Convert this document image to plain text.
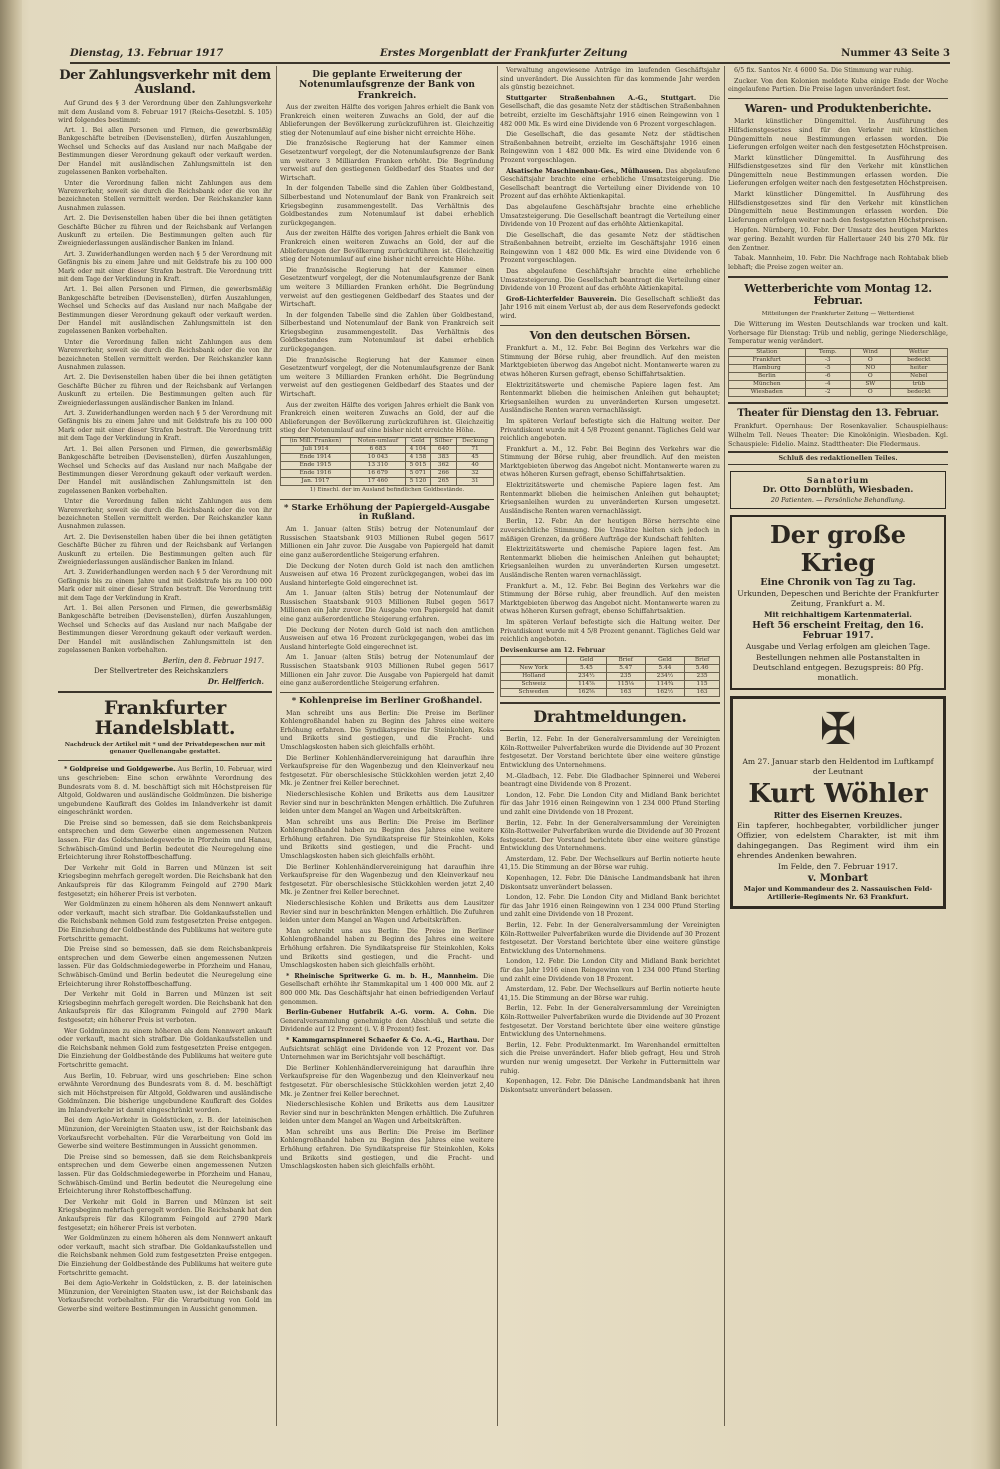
Dienstag, 13. Februar 1917	Erstes Morgenblatt der Frankfurter Zeitung	Nummer 43 Seite 3
Der Zahlungsverkehr mit dem Ausland.

Auf Grund des § 3 der Verordnung über den Zahlungsverkehr mit dem Ausland vom 8. Februar 1917 (Reichs-Gesetzbl. S. 105) wird folgendes bestimmt:

Art. 1. Bei allen Personen und Firmen, die gewerbsmäßig Bankgeschäfte betreiben (Devisenstellen), dürfen Auszahlungen, Wechsel und Schecks auf das Ausland nur nach Maßgabe der Bestimmungen dieser Verordnung gekauft oder verkauft werden. Der Handel mit ausländischen Zahlungsmitteln ist den zugelassenen Banken vorbehalten.

Unter die Verordnung fallen nicht Zahlungen aus dem Warenverkehr, soweit sie durch die Reichsbank oder die von ihr bezeichneten Stellen vermittelt werden. Der Reichskanzler kann Ausnahmen zulassen.

Art. 2. Die Devisenstellen haben über die bei ihnen getätigten Geschäfte Bücher zu führen und der Reichsbank auf Verlangen Auskunft zu erteilen. Die Bestimmungen gelten auch für Zweigniederlassungen ausländischer Banken im Inland.

Art. 3. Zuwiderhandlungen werden nach § 5 der Verordnung mit Gefängnis bis zu einem Jahre und mit Geldstrafe bis zu 100 000 Mark oder mit einer dieser Strafen bestraft. Die Verordnung tritt mit dem Tage der Verkündung in Kraft.

Art. 1. Bei allen Personen und Firmen, die gewerbsmäßig Bankgeschäfte betreiben (Devisenstellen), dürfen Auszahlungen, Wechsel und Schecks auf das Ausland nur nach Maßgabe der Bestimmungen dieser Verordnung gekauft oder verkauft werden. Der Handel mit ausländischen Zahlungsmitteln ist den zugelassenen Banken vorbehalten.

Unter die Verordnung fallen nicht Zahlungen aus dem Warenverkehr, soweit sie durch die Reichsbank oder die von ihr bezeichneten Stellen vermittelt werden. Der Reichskanzler kann Ausnahmen zulassen.

Art. 2. Die Devisenstellen haben über die bei ihnen getätigten Geschäfte Bücher zu führen und der Reichsbank auf Verlangen Auskunft zu erteilen. Die Bestimmungen gelten auch für Zweigniederlassungen ausländischer Banken im Inland.

Art. 3. Zuwiderhandlungen werden nach § 5 der Verordnung mit Gefängnis bis zu einem Jahre und mit Geldstrafe bis zu 100 000 Mark oder mit einer dieser Strafen bestraft. Die Verordnung tritt mit dem Tage der Verkündung in Kraft.

Art. 1. Bei allen Personen und Firmen, die gewerbsmäßig Bankgeschäfte betreiben (Devisenstellen), dürfen Auszahlungen, Wechsel und Schecks auf das Ausland nur nach Maßgabe der Bestimmungen dieser Verordnung gekauft oder verkauft werden. Der Handel mit ausländischen Zahlungsmitteln ist den zugelassenen Banken vorbehalten.

Unter die Verordnung fallen nicht Zahlungen aus dem Warenverkehr, soweit sie durch die Reichsbank oder die von ihr bezeichneten Stellen vermittelt werden. Der Reichskanzler kann Ausnahmen zulassen.

Art. 2. Die Devisenstellen haben über die bei ihnen getätigten Geschäfte Bücher zu führen und der Reichsbank auf Verlangen Auskunft zu erteilen. Die Bestimmungen gelten auch für Zweigniederlassungen ausländischer Banken im Inland.

Art. 3. Zuwiderhandlungen werden nach § 5 der Verordnung mit Gefängnis bis zu einem Jahre und mit Geldstrafe bis zu 100 000 Mark oder mit einer dieser Strafen bestraft. Die Verordnung tritt mit dem Tage der Verkündung in Kraft.

Art. 1. Bei allen Personen und Firmen, die gewerbsmäßig Bankgeschäfte betreiben (Devisenstellen), dürfen Auszahlungen, Wechsel und Schecks auf das Ausland nur nach Maßgabe der Bestimmungen dieser Verordnung gekauft oder verkauft werden. Der Handel mit ausländischen Zahlungsmitteln ist den zugelassenen Banken vorbehalten.

Berlin, den 8. Februar 1917.
Der Stellvertreter des Reichskanzlers
Dr. Helfferich.
Frankfurter Handelsblatt.
Nachdruck der Artikel mit * und der Privatdepeschen nur mit genauer Quellenangabe gestattet.

* Goldpreise und Goldgewerbe. Aus Berlin, 10. Februar, wird uns geschrieben: Eine schon erwähnte Verordnung des Bundesrats vom 8. d. M. beschäftigt sich mit Höchstpreisen für Altgold, Goldwaren und ausländische Goldmünzen. Die bisherige ungebundene Kaufkraft des Goldes im Inlandverkehr ist damit eingeschränkt worden.

Die Preise sind so bemessen, daß sie dem Reichsbankpreis entsprechen und dem Gewerbe einen angemessenen Nutzen lassen. Für das Goldschmiedegewerbe in Pforzheim und Hanau, Schwäbisch-Gmünd und Berlin bedeutet die Neuregelung eine Erleichterung ihrer Rohstoffbeschaffung.

Der Verkehr mit Gold in Barren und Münzen ist seit Kriegsbeginn mehrfach geregelt worden. Die Reichsbank hat den Ankaufspreis für das Kilogramm Feingold auf 2790 Mark festgesetzt; ein höherer Preis ist verboten.

Wer Goldmünzen zu einem höheren als dem Nennwert ankauft oder verkauft, macht sich strafbar. Die Goldankaufsstellen und die Reichsbank nehmen Gold zum festgesetzten Preise entgegen. Die Einziehung der Goldbestände des Publikums hat weitere gute Fortschritte gemacht.

Die Preise sind so bemessen, daß sie dem Reichsbankpreis entsprechen und dem Gewerbe einen angemessenen Nutzen lassen. Für das Goldschmiedegewerbe in Pforzheim und Hanau, Schwäbisch-Gmünd und Berlin bedeutet die Neuregelung eine Erleichterung ihrer Rohstoffbeschaffung.

Der Verkehr mit Gold in Barren und Münzen ist seit Kriegsbeginn mehrfach geregelt worden. Die Reichsbank hat den Ankaufspreis für das Kilogramm Feingold auf 2790 Mark festgesetzt; ein höherer Preis ist verboten.

Wer Goldmünzen zu einem höheren als dem Nennwert ankauft oder verkauft, macht sich strafbar. Die Goldankaufsstellen und die Reichsbank nehmen Gold zum festgesetzten Preise entgegen. Die Einziehung der Goldbestände des Publikums hat weitere gute Fortschritte gemacht.

Aus Berlin, 10. Februar, wird uns geschrieben: Eine schon erwähnte Verordnung des Bundesrats vom 8. d. M. beschäftigt sich mit Höchstpreisen für Altgold, Goldwaren und ausländische Goldmünzen. Die bisherige ungebundene Kaufkraft des Goldes im Inlandverkehr ist damit eingeschränkt worden.

Bei dem Agio-Verkehr in Goldstücken, z. B. der lateinischen Münzunion, der Vereinigten Staaten usw., ist der Reichsbank das Vorkaufsrecht vorbehalten. Für die Verarbeitung von Gold im Gewerbe sind weitere Bestimmungen in Aussicht genommen.

Die Preise sind so bemessen, daß sie dem Reichsbankpreis entsprechen und dem Gewerbe einen angemessenen Nutzen lassen. Für das Goldschmiedegewerbe in Pforzheim und Hanau, Schwäbisch-Gmünd und Berlin bedeutet die Neuregelung eine Erleichterung ihrer Rohstoffbeschaffung.

Der Verkehr mit Gold in Barren und Münzen ist seit Kriegsbeginn mehrfach geregelt worden. Die Reichsbank hat den Ankaufspreis für das Kilogramm Feingold auf 2790 Mark festgesetzt; ein höherer Preis ist verboten.

Wer Goldmünzen zu einem höheren als dem Nennwert ankauft oder verkauft, macht sich strafbar. Die Goldankaufsstellen und die Reichsbank nehmen Gold zum festgesetzten Preise entgegen. Die Einziehung der Goldbestände des Publikums hat weitere gute Fortschritte gemacht.

Bei dem Agio-Verkehr in Goldstücken, z. B. der lateinischen Münzunion, der Vereinigten Staaten usw., ist der Reichsbank das Vorkaufsrecht vorbehalten. Für die Verarbeitung von Gold im Gewerbe sind weitere Bestimmungen in Aussicht genommen.

Die geplante Erweiterung der Notenumlaufsgrenze der Bank von Frankreich.

Aus der zweiten Hälfte des vorigen Jahres erhielt die Bank von Frankreich einen weiteren Zuwachs an Gold, der auf die Ablieferungen der Bevölkerung zurückzuführen ist. Gleichzeitig stieg der Notenumlauf auf eine bisher nicht erreichte Höhe.

Die französische Regierung hat der Kammer einen Gesetzentwurf vorgelegt, der die Notenumlaufsgrenze der Bank um weitere 3 Milliarden Franken erhöht. Die Begründung verweist auf den gestiegenen Geldbedarf des Staates und der Wirtschaft.

In der folgenden Tabelle sind die Zahlen über Goldbestand, Silberbestand und Notenumlauf der Bank von Frankreich seit Kriegsbeginn zusammengestellt. Das Verhältnis des Goldbestandes zum Notenumlauf ist dabei erheblich zurückgegangen.

Aus der zweiten Hälfte des vorigen Jahres erhielt die Bank von Frankreich einen weiteren Zuwachs an Gold, der auf die Ablieferungen der Bevölkerung zurückzuführen ist. Gleichzeitig stieg der Notenumlauf auf eine bisher nicht erreichte Höhe.

Die französische Regierung hat der Kammer einen Gesetzentwurf vorgelegt, der die Notenumlaufsgrenze der Bank um weitere 3 Milliarden Franken erhöht. Die Begründung verweist auf den gestiegenen Geldbedarf des Staates und der Wirtschaft.

In der folgenden Tabelle sind die Zahlen über Goldbestand, Silberbestand und Notenumlauf der Bank von Frankreich seit Kriegsbeginn zusammengestellt. Das Verhältnis des Goldbestandes zum Notenumlauf ist dabei erheblich zurückgegangen.

Die französische Regierung hat der Kammer einen Gesetzentwurf vorgelegt, der die Notenumlaufsgrenze der Bank um weitere 3 Milliarden Franken erhöht. Die Begründung verweist auf den gestiegenen Geldbedarf des Staates und der Wirtschaft.

Aus der zweiten Hälfte des vorigen Jahres erhielt die Bank von Frankreich einen weiteren Zuwachs an Gold, der auf die Ablieferungen der Bevölkerung zurückzuführen ist. Gleichzeitig stieg der Notenumlauf auf eine bisher nicht erreichte Höhe.

(in Mill. Franken)	Noten-umlauf	Gold	Silber	Deckung
Juli 1914	6 683	4 104	640	71
Ende 1914	10 043	4 158	383	45
Ende 1915	13 310	5 015	362	40
Ende 1916	16 679	5 071	266	32
Jan. 1917	17 460	5 120	265	31
1) Einschl. der im Ausland befindlichen Goldbestände.
* Starke Erhöhung der Papiergeld-Ausgabe in Rußland.

Am 1. Januar (alten Stils) betrug der Notenumlauf der Russischen Staatsbank 9103 Millionen Rubel gegen 5617 Millionen ein Jahr zuvor. Die Ausgabe von Papiergeld hat damit eine ganz außerordentliche Steigerung erfahren.

Die Deckung der Noten durch Gold ist nach den amtlichen Ausweisen auf etwa 16 Prozent zurückgegangen, wobei das im Ausland hinterlegte Gold eingerechnet ist.

Am 1. Januar (alten Stils) betrug der Notenumlauf der Russischen Staatsbank 9103 Millionen Rubel gegen 5617 Millionen ein Jahr zuvor. Die Ausgabe von Papiergeld hat damit eine ganz außerordentliche Steigerung erfahren.

Die Deckung der Noten durch Gold ist nach den amtlichen Ausweisen auf etwa 16 Prozent zurückgegangen, wobei das im Ausland hinterlegte Gold eingerechnet ist.

Am 1. Januar (alten Stils) betrug der Notenumlauf der Russischen Staatsbank 9103 Millionen Rubel gegen 5617 Millionen ein Jahr zuvor. Die Ausgabe von Papiergeld hat damit eine ganz außerordentliche Steigerung erfahren.

* Kohlenpreise im Berliner Großhandel.

Man schreibt uns aus Berlin: Die Preise im Berliner Kohlengroßhandel haben zu Beginn des Jahres eine weitere Erhöhung erfahren. Die Syndikatspreise für Steinkohlen, Koks und Briketts sind gestiegen, und die Fracht- und Umschlagskosten haben sich gleichfalls erhöht.

Die Berliner Kohlenhändlervereinigung hat daraufhin ihre Verkaufspreise für den Wagenbezug und den Kleinverkauf neu festgesetzt. Für oberschlesische Stückkohlen werden jetzt 2,40 Mk. je Zentner frei Keller berechnet.

Niederschlesische Kohlen und Briketts aus dem Lausitzer Revier sind nur in beschränkten Mengen erhältlich. Die Zufuhren leiden unter dem Mangel an Wagen und Arbeitskräften.

Man schreibt uns aus Berlin: Die Preise im Berliner Kohlengroßhandel haben zu Beginn des Jahres eine weitere Erhöhung erfahren. Die Syndikatspreise für Steinkohlen, Koks und Briketts sind gestiegen, und die Fracht- und Umschlagskosten haben sich gleichfalls erhöht.

Die Berliner Kohlenhändlervereinigung hat daraufhin ihre Verkaufspreise für den Wagenbezug und den Kleinverkauf neu festgesetzt. Für oberschlesische Stückkohlen werden jetzt 2,40 Mk. je Zentner frei Keller berechnet.

Niederschlesische Kohlen und Briketts aus dem Lausitzer Revier sind nur in beschränkten Mengen erhältlich. Die Zufuhren leiden unter dem Mangel an Wagen und Arbeitskräften.

Man schreibt uns aus Berlin: Die Preise im Berliner Kohlengroßhandel haben zu Beginn des Jahres eine weitere Erhöhung erfahren. Die Syndikatspreise für Steinkohlen, Koks und Briketts sind gestiegen, und die Fracht- und Umschlagskosten haben sich gleichfalls erhöht.

* Rheinische Spritwerke G. m. b. H., Mannheim. Die Gesellschaft erhöhte ihr Stammkapital um 1 400 000 Mk. auf 2 800 000 Mk. Das Geschäftsjahr hat einen befriedigenden Verlauf genommen.

Berlin-Gubener Hutfabrik A.-G. vorm. A. Cohn. Die Generalversammlung genehmigte den Abschluß und setzte die Dividende auf 12 Prozent (i. V. 8 Prozent) fest.

* Kammgarnspinnerei Schaefer & Co. A.-G., Harthau. Der Aufsichtsrat schlägt eine Dividende von 12 Prozent vor. Das Unternehmen war im Berichtsjahr voll beschäftigt.

Die Berliner Kohlenhändlervereinigung hat daraufhin ihre Verkaufspreise für den Wagenbezug und den Kleinverkauf neu festgesetzt. Für oberschlesische Stückkohlen werden jetzt 2,40 Mk. je Zentner frei Keller berechnet.

Niederschlesische Kohlen und Briketts aus dem Lausitzer Revier sind nur in beschränkten Mengen erhältlich. Die Zufuhren leiden unter dem Mangel an Wagen und Arbeitskräften.

Man schreibt uns aus Berlin: Die Preise im Berliner Kohlengroßhandel haben zu Beginn des Jahres eine weitere Erhöhung erfahren. Die Syndikatspreise für Steinkohlen, Koks und Briketts sind gestiegen, und die Fracht- und Umschlagskosten haben sich gleichfalls erhöht.

Verwaltung angewiesene Anträge im laufenden Geschäftsjahr sind unverändert. Die Aussichten für das kommende Jahr werden als günstig bezeichnet.

Stuttgarter Straßenbahnen A.-G., Stuttgart. Die Gesellschaft, die das gesamte Netz der städtischen Straßenbahnen betreibt, erzielte im Geschäftsjahr 1916 einen Reingewinn von 1 482 000 Mk. Es wird eine Dividende von 6 Prozent vorgeschlagen.

Die Gesellschaft, die das gesamte Netz der städtischen Straßenbahnen betreibt, erzielte im Geschäftsjahr 1916 einen Reingewinn von 1 482 000 Mk. Es wird eine Dividende von 6 Prozent vorgeschlagen.

Alsatische Maschinenbau-Ges., Mülhausen. Das abgelaufene Geschäftsjahr brachte eine erhebliche Umsatzsteigerung. Die Gesellschaft beantragt die Verteilung einer Dividende von 10 Prozent auf das erhöhte Aktienkapital.

Das abgelaufene Geschäftsjahr brachte eine erhebliche Umsatzsteigerung. Die Gesellschaft beantragt die Verteilung einer Dividende von 10 Prozent auf das erhöhte Aktienkapital.

Die Gesellschaft, die das gesamte Netz der städtischen Straßenbahnen betreibt, erzielte im Geschäftsjahr 1916 einen Reingewinn von 1 482 000 Mk. Es wird eine Dividende von 6 Prozent vorgeschlagen.

Das abgelaufene Geschäftsjahr brachte eine erhebliche Umsatzsteigerung. Die Gesellschaft beantragt die Verteilung einer Dividende von 10 Prozent auf das erhöhte Aktienkapital.

Groß-Lichterfelder Bauverein. Die Gesellschaft schließt das Jahr 1916 mit einem Verlust ab, der aus dem Reservefonds gedeckt wird.

Von den deutschen Börsen.

Frankfurt a. M., 12. Febr. Bei Beginn des Verkehrs war die Stimmung der Börse ruhig, aber freundlich. Auf den meisten Marktgebieten überwog das Angebot nicht. Montanwerte waren zu etwas höheren Kursen gefragt, ebenso Schiffahrtsaktien.

Elektrizitätswerte und chemische Papiere lagen fest. Am Rentenmarkt blieben die heimischen Anleihen gut behauptet; Kriegsanleihen wurden zu unveränderten Kursen umgesetzt. Ausländische Renten waren vernachlässigt.

Im späteren Verlauf befestigte sich die Haltung weiter. Der Privatdiskont wurde mit 4 5/8 Prozent genannt. Tägliches Geld war reichlich angeboten.

Frankfurt a. M., 12. Febr. Bei Beginn des Verkehrs war die Stimmung der Börse ruhig, aber freundlich. Auf den meisten Marktgebieten überwog das Angebot nicht. Montanwerte waren zu etwas höheren Kursen gefragt, ebenso Schiffahrtsaktien.

Elektrizitätswerte und chemische Papiere lagen fest. Am Rentenmarkt blieben die heimischen Anleihen gut behauptet; Kriegsanleihen wurden zu unveränderten Kursen umgesetzt. Ausländische Renten waren vernachlässigt.

Berlin, 12. Febr. An der heutigen Börse herrschte eine zuversichtliche Stimmung. Die Umsätze hielten sich jedoch in mäßigen Grenzen, da größere Aufträge der Kundschaft fehlten.

Elektrizitätswerte und chemische Papiere lagen fest. Am Rentenmarkt blieben die heimischen Anleihen gut behauptet; Kriegsanleihen wurden zu unveränderten Kursen umgesetzt. Ausländische Renten waren vernachlässigt.

Frankfurt a. M., 12. Febr. Bei Beginn des Verkehrs war die Stimmung der Börse ruhig, aber freundlich. Auf den meisten Marktgebieten überwog das Angebot nicht. Montanwerte waren zu etwas höheren Kursen gefragt, ebenso Schiffahrtsaktien.

Im späteren Verlauf befestigte sich die Haltung weiter. Der Privatdiskont wurde mit 4 5/8 Prozent genannt. Tägliches Geld war reichlich angeboten.

Devisenkurse am 12. Februar
	Geld	Brief	Geld	Brief
New York	5.45	5.47	5.44	5.46
Holland	234½	235	234½	235
Schweiz	114⅞	115⅛	114¾	115
Schweden	162⅝	163	162½	163
Drahtmeldungen.

Berlin, 12. Febr. In der Generalversammlung der Vereinigten Köln-Rottweiler Pulverfabriken wurde die Dividende auf 30 Prozent festgesetzt. Der Vorstand berichtete über eine weitere günstige Entwicklung des Unternehmens.

M.-Gladbach, 12. Febr. Die Gladbacher Spinnerei und Weberei beantragt eine Dividende von 8 Prozent.

London, 12. Febr. Die London City and Midland Bank berichtet für das Jahr 1916 einen Reingewinn von 1 234 000 Pfund Sterling und zahlt eine Dividende von 18 Prozent.

Berlin, 12. Febr. In der Generalversammlung der Vereinigten Köln-Rottweiler Pulverfabriken wurde die Dividende auf 30 Prozent festgesetzt. Der Vorstand berichtete über eine weitere günstige Entwicklung des Unternehmens.

Amsterdam, 12. Febr. Der Wechselkurs auf Berlin notierte heute 41,15. Die Stimmung an der Börse war ruhig.

Kopenhagen, 12. Febr. Die Dänische Landmandsbank hat ihren Diskontsatz unverändert belassen.

London, 12. Febr. Die London City and Midland Bank berichtet für das Jahr 1916 einen Reingewinn von 1 234 000 Pfund Sterling und zahlt eine Dividende von 18 Prozent.

Berlin, 12. Febr. In der Generalversammlung der Vereinigten Köln-Rottweiler Pulverfabriken wurde die Dividende auf 30 Prozent festgesetzt. Der Vorstand berichtete über eine weitere günstige Entwicklung des Unternehmens.

London, 12. Febr. Die London City and Midland Bank berichtet für das Jahr 1916 einen Reingewinn von 1 234 000 Pfund Sterling und zahlt eine Dividende von 18 Prozent.

Amsterdam, 12. Febr. Der Wechselkurs auf Berlin notierte heute 41,15. Die Stimmung an der Börse war ruhig.

Berlin, 12. Febr. In der Generalversammlung der Vereinigten Köln-Rottweiler Pulverfabriken wurde die Dividende auf 30 Prozent festgesetzt. Der Vorstand berichtete über eine weitere günstige Entwicklung des Unternehmens.

Berlin, 12. Febr. Produktenmarkt. Im Warenhandel ermittelten sich die Preise unverändert. Hafer blieb gefragt, Heu und Stroh wurden nur wenig umgesetzt. Der Verkehr in Futtermitteln war ruhig.

Kopenhagen, 12. Febr. Die Dänische Landmandsbank hat ihren Diskontsatz unverändert belassen.

6/5 fix. Santos Nr. 4 6000 Sa. Die Stimmung war ruhig.

Zucker. Von den Kolonien meldete Kuba einige Ende der Woche eingelaufene Partien. Die Preise lagen unverändert fest.

Waren- und Produktenberichte.

Markt künstlicher Düngemittel. In Ausführung des Hilfsdienstgesetzes sind für den Verkehr mit künstlichen Düngemitteln neue Bestimmungen erlassen worden. Die Lieferungen erfolgen weiter nach den festgesetzten Höchstpreisen.

Markt künstlicher Düngemittel. In Ausführung des Hilfsdienstgesetzes sind für den Verkehr mit künstlichen Düngemitteln neue Bestimmungen erlassen worden. Die Lieferungen erfolgen weiter nach den festgesetzten Höchstpreisen.

Markt künstlicher Düngemittel. In Ausführung des Hilfsdienstgesetzes sind für den Verkehr mit künstlichen Düngemitteln neue Bestimmungen erlassen worden. Die Lieferungen erfolgen weiter nach den festgesetzten Höchstpreisen.

Hopfen. Nürnberg, 10. Febr. Der Umsatz des heutigen Marktes war gering. Bezahlt wurden für Hallertauer 240 bis 270 Mk. für den Zentner.

Tabak. Mannheim, 10. Febr. Die Nachfrage nach Rohtabak blieb lebhaft; die Preise zogen weiter an.

Wetterberichte vom Montag 12. Februar.
Mitteilungen der Frankfurter Zeitung — Wetterdienst

Die Witterung im Westen Deutschlands war trocken und kalt. Vorhersage für Dienstag: Trüb und neblig, geringe Niederschläge, Temperatur wenig verändert.

Station	Temp.	Wind	Wetter
Frankfurt	-3	O	bedeckt
Hamburg	-5	NO	heiter
Berlin	-6	O	Nebel
München	-4	SW	trüb
Wiesbaden	-2	O	bedeckt
Theater für Dienstag den 13. Februar.

Frankfurt. Opernhaus: Der Rosenkavalier. Schauspielhaus: Wilhelm Tell. Neues Theater: Die Kinokönigin. Wiesbaden. Kgl. Schauspiele: Fidelio. Mainz. Stadttheater: Die Fledermaus.

Schluß des redaktionellen Teiles.
Sanatorium
Dr. Otto Dornblüth, Wiesbaden.
20 Patienten. — Persönliche Behandlung.
Der große Krieg
Eine Chronik von Tag zu Tag.
Urkunden, Depeschen und Berichte der Frankfurter Zeitung, Frankfurt a. M.
Mit reichhaltigem Kartenmaterial.
Heft 56 erscheint Freitag, den 16. Februar 1917.
Ausgabe und Verlag erfolgen am gleichen Tage.
Bestellungen nehmen alle Postanstalten in Deutschland entgegen. Bezugspreis: 80 Pfg. monatlich.
✠
Am 27. Januar starb den Heldentod im Luftkampf der Leutnant
Kurt Wöhler
Ritter des Eisernen Kreuzes.
Ein tapferer, hochbegabter, vorbildlicher junger Offizier, von edelstem Charakter, ist mit ihm dahingegangen. Das Regiment wird ihm ein ehrendes Andenken bewahren.
Im Felde, den 7. Februar 1917.
v. Monbart
Major und Kommandeur des 2. Nassauischen Feld-Artillerie-Regiments Nr. 63 Frankfurt.
